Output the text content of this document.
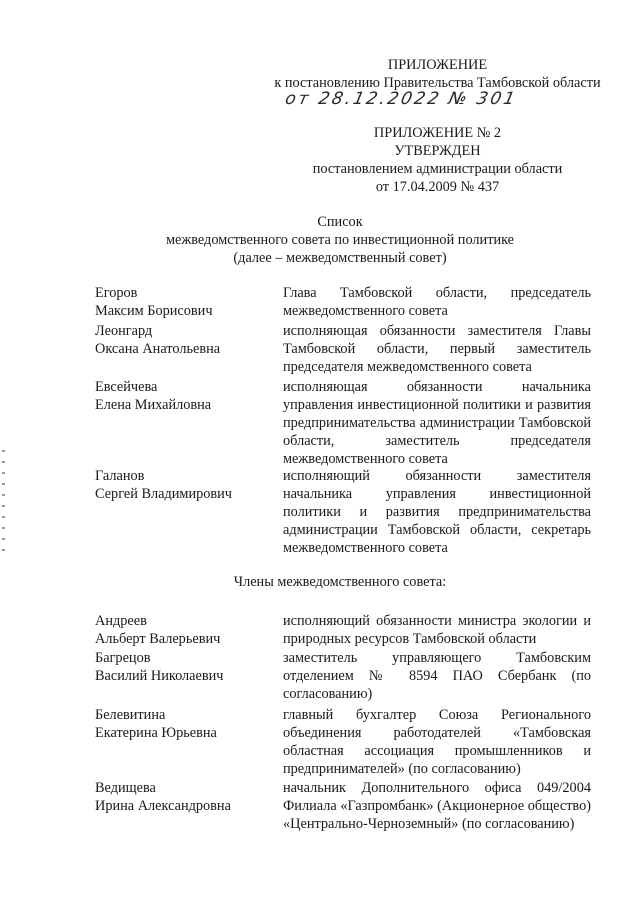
ПРИЛОЖЕНИЕ
к постановлению Правительства Тамбовской области
от 28.12.2022 № 301
ПРИЛОЖЕНИЕ № 2
УТВЕРЖДЕН
постановлением администрации области
от 17.04.2009 № 437
Список
межведомственного совета по инвестиционной политике
(далее – межведомственный совет)
Егоров
Максим Борисович
Глава Тамбовской области, председатель межведомственного совета
Леонгард
Оксана Анатольевна
исполняющая обязанности заместителя Главы Тамбовской области, первый заместитель председателя межведомственного совета
Евсейчева
Елена Михайловна
исполняющая обязанности начальника управления инвестиционной политики и развития предпринимательства администрации Тамбовской области, заместитель председателя межведомственного совета
Галанов
Сергей Владимирович
исполняющий обязанности заместителя начальника управления инвестиционной политики и развития предпринимательства администрации Тамбовской области, секретарь межведомственного совета
Члены межведомственного совета:
Андреев
Альберт Валерьевич
исполняющий обязанности министра экологии и природных ресурсов Тамбовской области
Багрецов
Василий Николаевич
заместитель управляющего Тамбовским отделением № 8594 ПАО Сбербанк (по согласованию)
Белевитина
Екатерина Юрьевна
главный бухгалтер Союза Регионального объединения работодателей «Тамбовская областная ассоциация промышленников и предпринимателей» (по согласованию)
Ведищева
Ирина Александровна
начальник Дополнительного офиса 049/2004 Филиала «Газпромбанк» (Акционерное общество) «Центрально-Черноземный» (по согласованию)
